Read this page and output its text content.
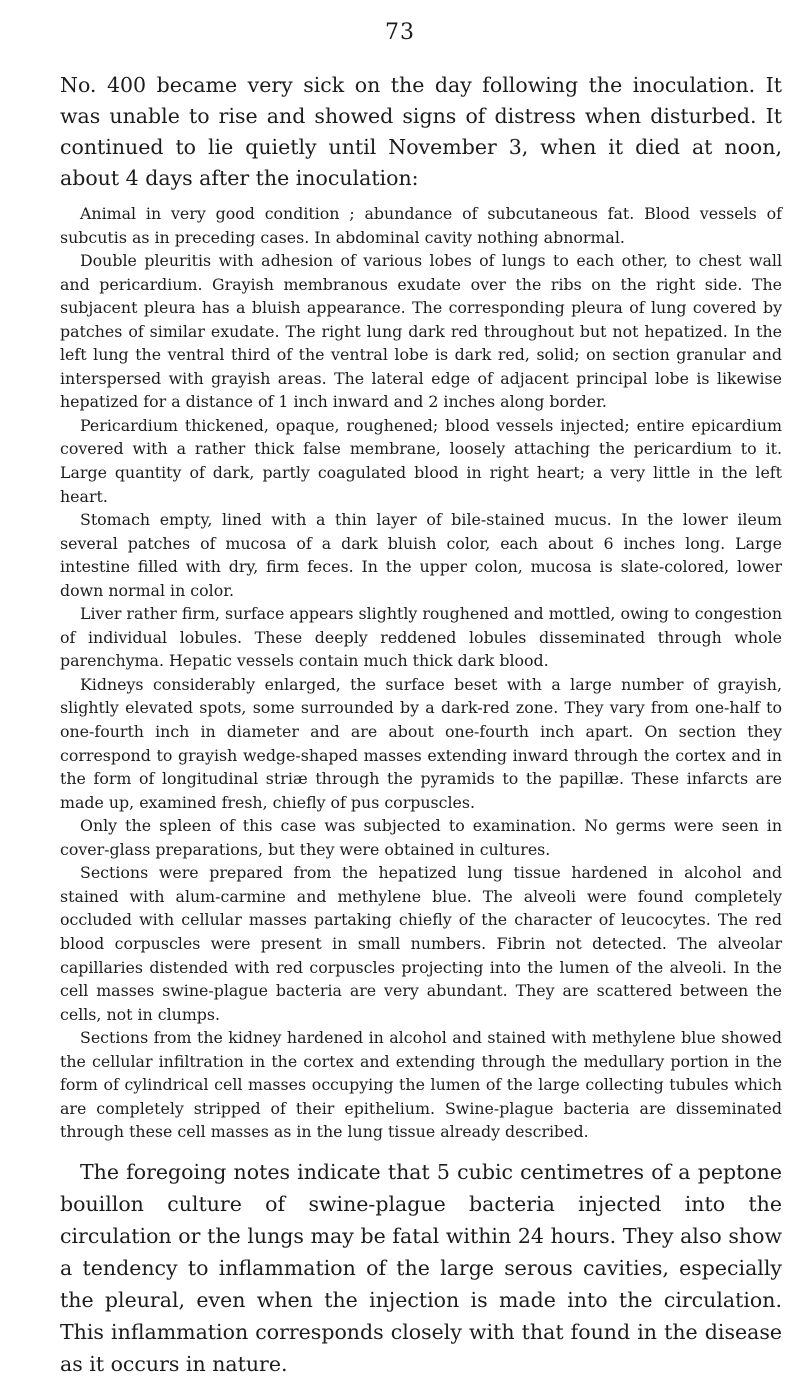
73

No. 400 became very sick on the day following the inoculation. It was unable to rise and showed signs of distress when disturbed. It continued to lie quietly until November 3, when it died at noon, about 4 days after the inoculation:

Animal in very good condition ; abundance of subcutaneous fat. Blood vessels of subcutis as in preceding cases. In abdominal cavity nothing abnormal.

Double pleuritis with adhesion of various lobes of lungs to each other, to chest wall and pericardium. Grayish membranous exudate over the ribs on the right side. The subjacent pleura has a bluish appearance. The corresponding pleura of lung covered by patches of similar exudate. The right lung dark red throughout but not hepatized. In the left lung the ventral third of the ventral lobe is dark red, solid; on section granular and interspersed with grayish areas. The lateral edge of adjacent principal lobe is likewise hepatized for a distance of 1 inch inward and 2 inches along border.

Pericardium thickened, opaque, roughened; blood vessels injected; entire epicardium covered with a rather thick false membrane, loosely attaching the pericardium to it. Large quantity of dark, partly coagulated blood in right heart; a very little in the left heart.

Stomach empty, lined with a thin layer of bile-stained mucus. In the lower ileum several patches of mucosa of a dark bluish color, each about 6 inches long. Large intestine filled with dry, firm feces. In the upper colon, mucosa is slate-colored, lower down normal in color.

Liver rather firm, surface appears slightly roughened and mottled, owing to congestion of individual lobules. These deeply reddened lobules disseminated through whole parenchyma. Hepatic vessels contain much thick dark blood.

Kidneys considerably enlarged, the surface beset with a large number of grayish, slightly elevated spots, some surrounded by a dark-red zone. They vary from one-half to one-fourth inch in diameter and are about one-fourth inch apart. On section they correspond to grayish wedge-shaped masses extending inward through the cortex and in the form of longitudinal striæ through the pyramids to the papillæ. These infarcts are made up, examined fresh, chiefly of pus corpuscles.

Only the spleen of this case was subjected to examination. No germs were seen in cover-glass preparations, but they were obtained in cultures.

Sections were prepared from the hepatized lung tissue hardened in alcohol and stained with alum-carmine and methylene blue. The alveoli were found completely occluded with cellular masses partaking chiefly of the character of leucocytes. The red blood corpuscles were present in small numbers. Fibrin not detected. The alveolar capillaries distended with red corpuscles projecting into the lumen of the alveoli. In the cell masses swine-plague bacteria are very abundant. They are scattered between the cells, not in clumps.

Sections from the kidney hardened in alcohol and stained with methylene blue showed the cellular infiltration in the cortex and extending through the medullary portion in the form of cylindrical cell masses occupying the lumen of the large collecting tubules which are completely stripped of their epithelium. Swine-plague bacteria are disseminated through these cell masses as in the lung tissue already described.

The foregoing notes indicate that 5 cubic centimetres of a peptone bouillon culture of swine-plague bacteria injected into the circulation or the lungs may be fatal within 24 hours. They also show a tendency to inflammation of the large serous cavities, especially the pleural, even when the injection is made into the circulation. This inflammation corresponds closely with that found in the disease as it occurs in nature.
